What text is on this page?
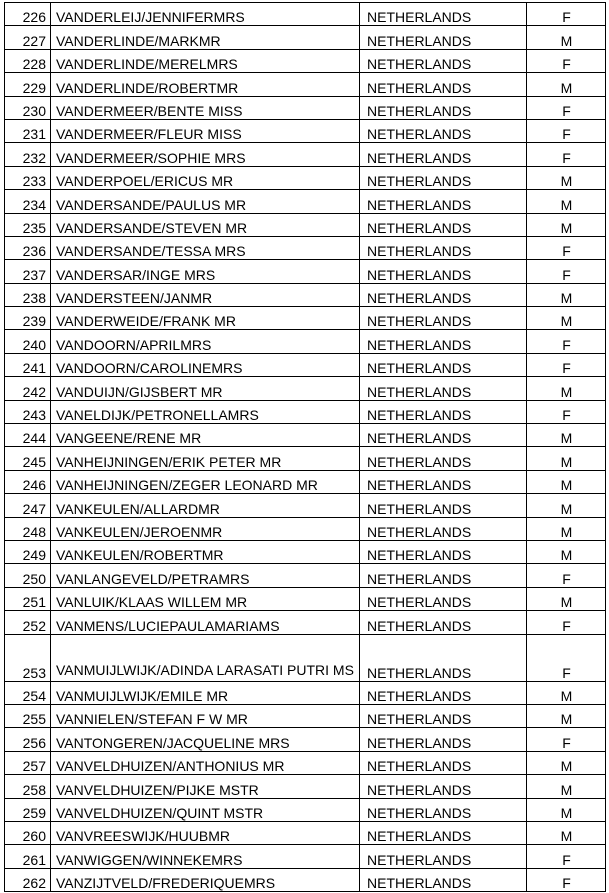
226	VANDERLEIJ/JENNIFERMRS	NETHERLANDS	F
227	VANDERLINDE/MARKMR	NETHERLANDS	M
228	VANDERLINDE/MERELMRS	NETHERLANDS	F
229	VANDERLINDE/ROBERTMR	NETHERLANDS	M
230	VANDERMEER/BENTE MISS	NETHERLANDS	F
231	VANDERMEER/FLEUR MISS	NETHERLANDS	F
232	VANDERMEER/SOPHIE MRS	NETHERLANDS	F
233	VANDERPOEL/ERICUS MR	NETHERLANDS	M
234	VANDERSANDE/PAULUS MR	NETHERLANDS	M
235	VANDERSANDE/STEVEN MR	NETHERLANDS	M
236	VANDERSANDE/TESSA MRS	NETHERLANDS	F
237	VANDERSAR/INGE MRS	NETHERLANDS	F
238	VANDERSTEEN/JANMR	NETHERLANDS	M
239	VANDERWEIDE/FRANK MR	NETHERLANDS	M
240	VANDOORN/APRILMRS	NETHERLANDS	F
241	VANDOORN/CAROLINEMRS	NETHERLANDS	F
242	VANDUIJN/GIJSBERT MR	NETHERLANDS	M
243	VANELDIJK/PETRONELLAMRS	NETHERLANDS	F
244	VANGEENE/RENE MR	NETHERLANDS	M
245	VANHEIJNINGEN/ERIK PETER MR	NETHERLANDS	M
246	VANHEIJNINGEN/ZEGER LEONARD MR	NETHERLANDS	M
247	VANKEULEN/ALLARDMR	NETHERLANDS	M
248	VANKEULEN/JEROENMR	NETHERLANDS	M
249	VANKEULEN/ROBERTMR	NETHERLANDS	M
250	VANLANGEVELD/PETRAMRS	NETHERLANDS	F
251	VANLUIK/KLAAS WILLEM MR	NETHERLANDS	M
252	VANMENS/LUCIEPAULAMARIAMS	NETHERLANDS	F
253	VANMUIJLWIJK/ADINDA LARASATI PUTRI MS	NETHERLANDS	F
254	VANMUIJLWIJK/EMILE MR	NETHERLANDS	M
255	VANNIELEN/STEFAN F W MR	NETHERLANDS	M
256	VANTONGEREN/JACQUELINE MRS	NETHERLANDS	F
257	VANVELDHUIZEN/ANTHONIUS MR	NETHERLANDS	M
258	VANVELDHUIZEN/PIJKE MSTR	NETHERLANDS	M
259	VANVELDHUIZEN/QUINT MSTR	NETHERLANDS	M
260	VANVREESWIJK/HUUBMR	NETHERLANDS	M
261	VANWIGGEN/WINNEKEMRS	NETHERLANDS	F
262	VANZIJTVELD/FREDERIQUEMRS	NETHERLANDS	F
